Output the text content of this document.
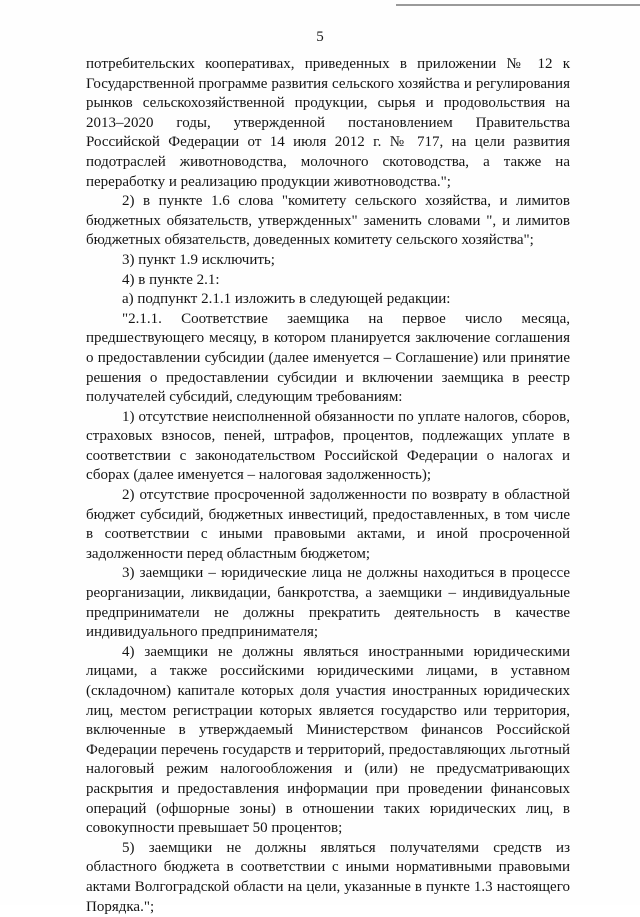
5

потребительских кооперативах, приведенных в приложении № 12 к Государственной программе развития сельского хозяйства и регулирования рынков сельскохозяйственной продукции, сырья и продовольствия на 2013–2020 годы, утвержденной постановлением Правительства Российской Федерации от 14 июля 2012 г. № 717, на цели развития подотраслей животноводства, молочного скотоводства, а также на переработку и реализацию продукции животноводства.";

2) в пункте 1.6 слова "комитету сельского хозяйства, и лимитов бюджетных обязательств, утвержденных" заменить словами ", и лимитов бюджетных обязательств, доведенных комитету сельского хозяйства";

3) пункт 1.9 исключить;

4) в пункте 2.1:

а) подпункт 2.1.1 изложить в следующей редакции:

"2.1.1. Соответствие заемщика на первое число месяца, предшествующего месяцу, в котором планируется заключение соглашения о предоставлении субсидии (далее именуется – Соглашение) или принятие решения о предоставлении субсидии и включении заемщика в реестр получателей субсидий, следующим требованиям:

1) отсутствие неисполненной обязанности по уплате налогов, сборов, страховых взносов, пеней, штрафов, процентов, подлежащих уплате в соответствии с законодательством Российской Федерации о налогах и сборах (далее именуется – налоговая задолженность);

2) отсутствие просроченной задолженности по возврату в областной бюджет субсидий, бюджетных инвестиций, предоставленных, в том числе в соответствии с иными правовыми актами, и иной просроченной задолженности перед областным бюджетом;

3) заемщики – юридические лица не должны находиться в процессе реорганизации, ликвидации, банкротства, а заемщики – индивидуальные предприниматели не должны прекратить деятельность в качестве индивидуального предпринимателя;

4) заемщики не должны являться иностранными юридическими лицами, а также российскими юридическими лицами, в уставном (складочном) капитале которых доля участия иностранных юридических лиц, местом регистрации которых является государство или территория, включенные в утверждаемый Министерством финансов Российской Федерации перечень государств и территорий, предоставляющих льготный налоговый режим налогообложения и (или) не предусматривающих раскрытия и предоставления информации при проведении финансовых операций (офшорные зоны) в отношении таких юридических лиц, в совокупности превышает 50 процентов;

5) заемщики не должны являться получателями средств из областного бюджета в соответствии с иными нормативными правовыми актами Волгоградской области на цели, указанные в пункте 1.3 настоящего Порядка.";
